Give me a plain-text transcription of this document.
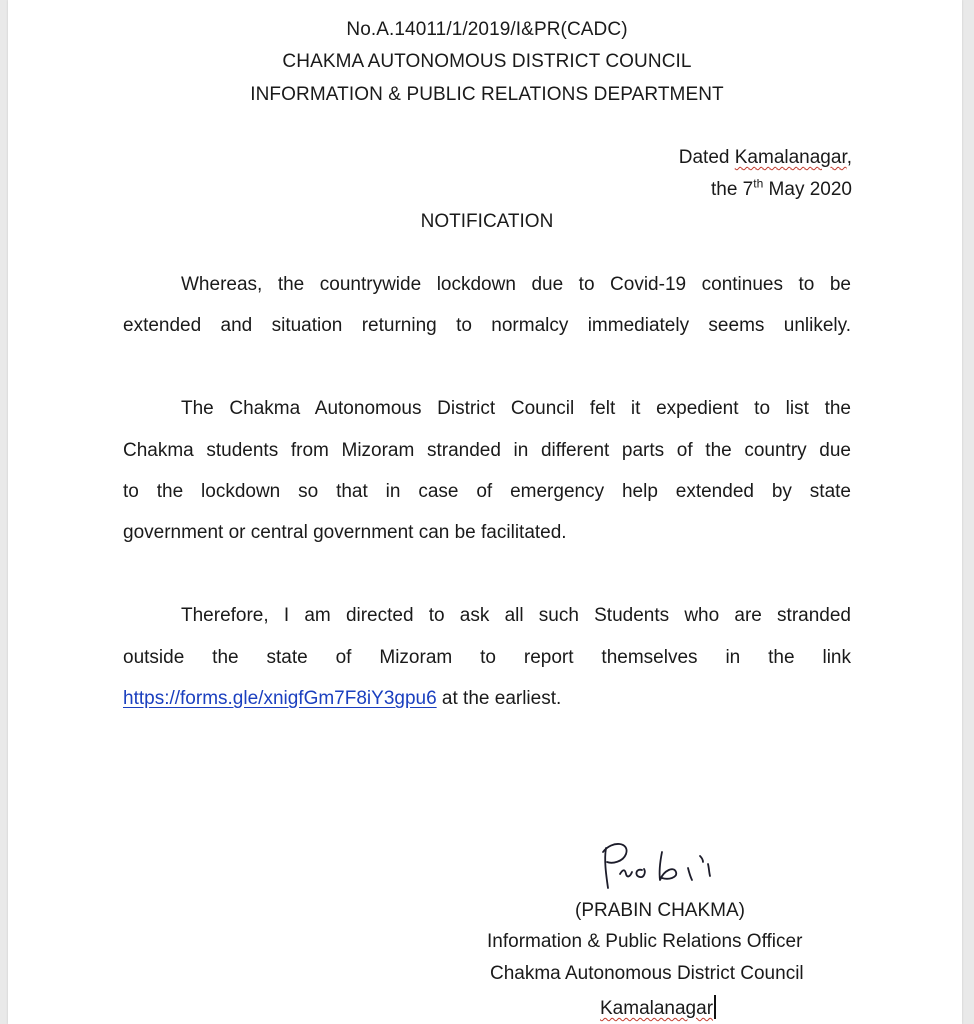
No.A.14011/1/2019/I&PR(CADC)
CHAKMA AUTONOMOUS DISTRICT COUNCIL
INFORMATION & PUBLIC RELATIONS DEPARTMENT
Dated Kamalanagar,
the 7th May 2020
NOTIFICATION
Whereas, the countrywide lockdown due to Covid-19 continues to be
extended and situation returning to normalcy immediately seems unlikely.
The Chakma Autonomous District Council felt it expedient to list the
Chakma students from Mizoram stranded in different parts of the country due
to the lockdown so that in case of emergency help extended by state
government or central government can be facilitated.
Therefore, I am directed to ask all such Students who are stranded
outside the state of Mizoram to report themselves in the link
https://forms.gle/xnigfGm7F8iY3gpu6 at the earliest.
(PRABIN CHAKMA)
Information & Public Relations Officer
Chakma Autonomous District Council
Kamalanagar
